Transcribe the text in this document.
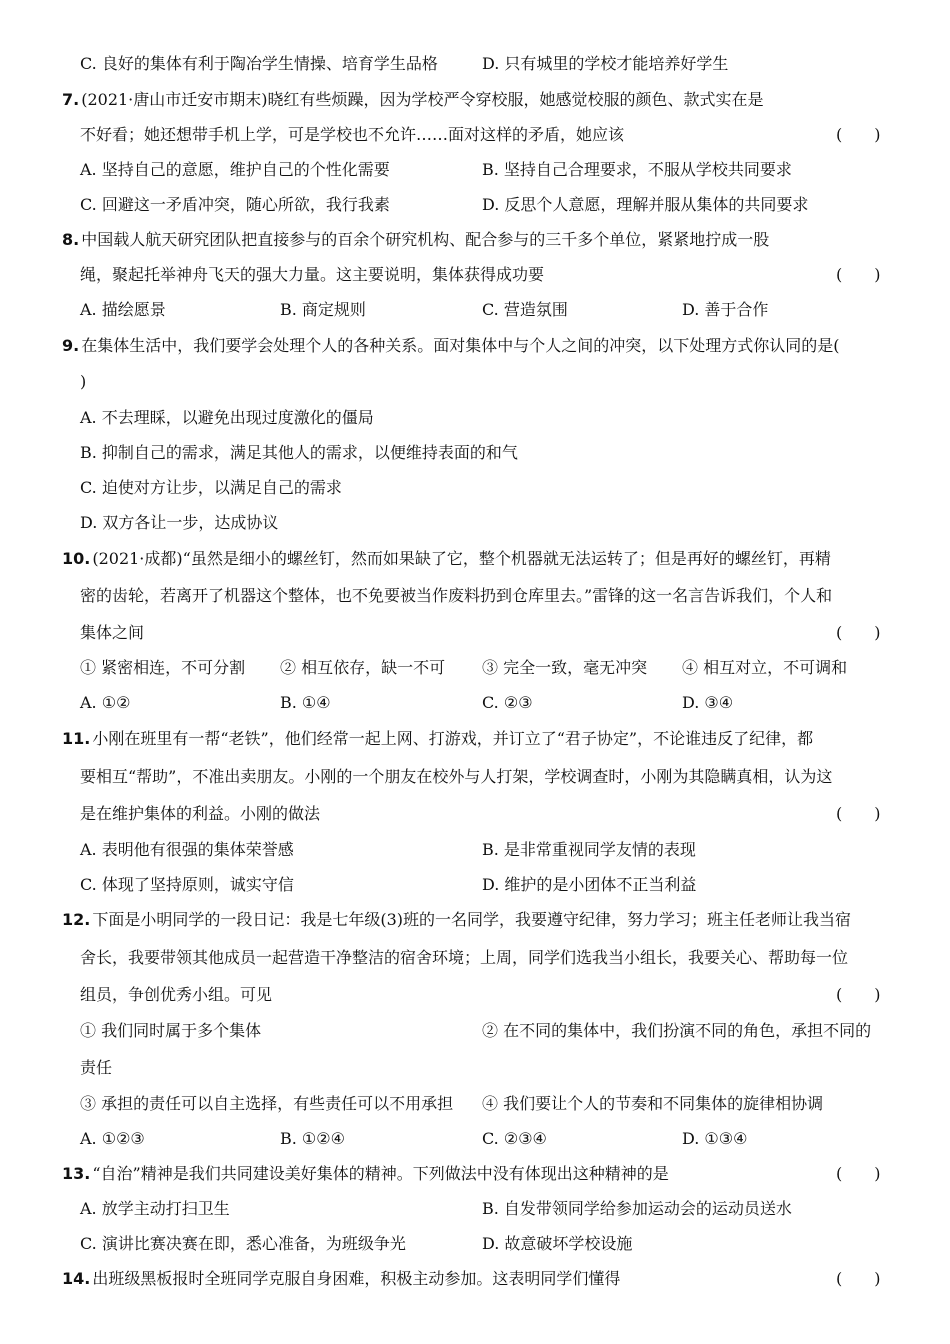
C. 良好的集体有利于陶冶学生情操、培育学生品格	D. 只有城里的学校才能培养好学生
7. (2021·唐山市迁安市期末)晓红有些烦躁，因为学校严令穿校服，她感觉校服的颜色、款式实在是
不好看；她还想带手机上学，可是学校也不允许……面对这样的矛盾，她应该	(　　)
A. 坚持自己的意愿，维护自己的个性化需要	B. 坚持自己合理要求，不服从学校共同要求
C. 回避这一矛盾冲突，随心所欲，我行我素	D. 反思个人意愿，理解并服从集体的共同要求
8. 中国载人航天研究团队把直接参与的百余个研究机构、配合参与的三千多个单位，紧紧地拧成一股
绳，聚起托举神舟飞天的强大力量。这主要说明，集体获得成功要	(　　)
A. 描绘愿景	B. 商定规则	C. 营造氛围	D. 善于合作
9. 在集体生活中，我们要学会处理个人的各种关系。面对集体中与个人之间的冲突，以下处理方式你认同的是(
)
A. 不去理睬，以避免出现过度激化的僵局
B. 抑制自己的需求，满足其他人的需求，以便维持表面的和气
C. 迫使对方让步，以满足自己的需求
D. 双方各让一步，达成协议
10. (2021·成都)“虽然是细小的螺丝钉，然而如果缺了它，整个机器就无法运转了；但是再好的螺丝钉，再精
密的齿轮，若离开了机器这个整体，也不免要被当作废料扔到仓库里去。”雷锋的这一名言告诉我们，个人和
集体之间	(　　)
① 紧密相连，不可分割 ② 相互依存，缺一不可 ③ 完全一致，毫无冲突 ④ 相互对立，不可调和
A. ①②	B. ①④	C. ②③	D. ③④
11. 小刚在班里有一帮“老铁”，他们经常一起上网、打游戏，并订立了“君子协定”，不论谁违反了纪律，都
要相互“帮助”，不准出卖朋友。小刚的一个朋友在校外与人打架，学校调查时，小刚为其隐瞒真相，认为这
是在维护集体的利益。小刚的做法	(　　)
A. 表明他有很强的集体荣誉感	B. 是非常重视同学友情的表现
C. 体现了坚持原则，诚实守信	D. 维护的是小团体不正当利益
12. 下面是小明同学的一段日记：我是七年级(3)班的一名同学，我要遵守纪律，努力学习；班主任老师让我当宿
舍长，我要带领其他成员一起营造干净整洁的宿舍环境；上周，同学们选我当小组长，我要关心、帮助每一位
组员，争创优秀小组。可见	(　　)
① 我们同时属于多个集体	② 在不同的集体中，我们扮演不同的角色，承担不同的
责任
③ 承担的责任可以自主选择，有些责任可以不用承担 ④ 我们要让个人的节奏和不同集体的旋律相协调
A. ①②③	B. ①②④	C. ②③④	D. ①③④
13. “自治”精神是我们共同建设美好集体的精神。下列做法中没有体现出这种精神的是	(　　)
A. 放学主动打扫卫生	B. 自发带领同学给参加运动会的运动员送水
C. 演讲比赛决赛在即，悉心准备，为班级争光	D. 故意破坏学校设施
14. 出班级黑板报时全班同学克服自身困难，积极主动参加。这表明同学们懂得	(　　)
